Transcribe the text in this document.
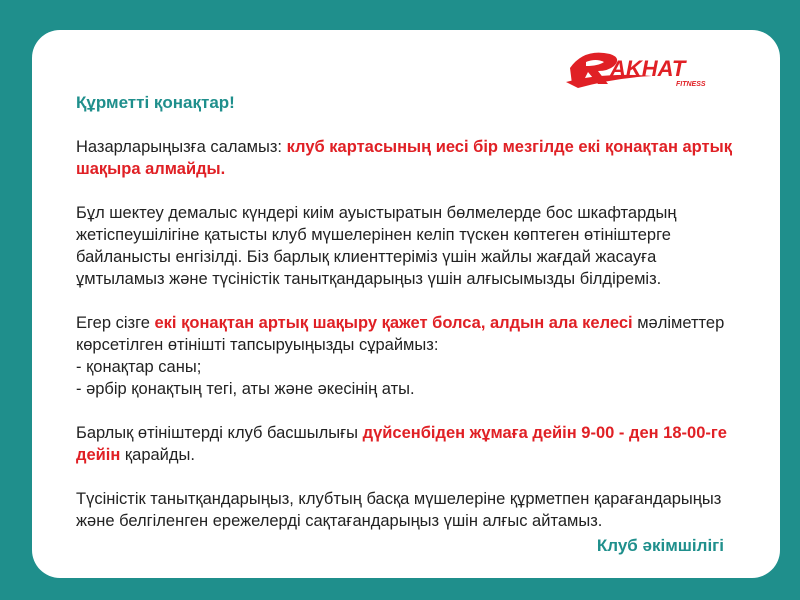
AKHAT
FITNESS

Құрметті қонақтар!

Назарларыңызға саламыз: клуб картасының иесі бір мезгілде екі қонақтан артық шақыра алмайды.

Бұл шектеу демалыс күндері киім ауыстыратын бөлмелерде бос шкафтардың жетіспеушілігіне қатысты клуб мүшелерінен келіп түскен көптеген өтініштерге байланысты енгізілді. Біз барлық клиенттеріміз үшін жайлы жағдай жасауға ұмтыламыз және түсіністік танытқандарыңыз үшін алғысымызды білдіреміз.

Егер сізге екі қонақтан артық шақыру қажет болса, алдын ала келесі мәліметтер көрсетілген өтінішті тапсыруыңызды сұраймыз:
- қонақтар саны;
- әрбір қонақтың тегі, аты және әкесінің аты.

Барлық өтініштерді клуб басшылығы дүйсенбіден жұмаға дейін 9-00 - ден 18-00-ге дейін қарайды.

Түсіністік танытқандарыңыз, клубтың басқа мүшелеріне құрметпен қарағандарыңыз және белгіленген ережелерді сақтағандарыңыз үшін алғыс айтамыз.

Клуб әкімшілігі
